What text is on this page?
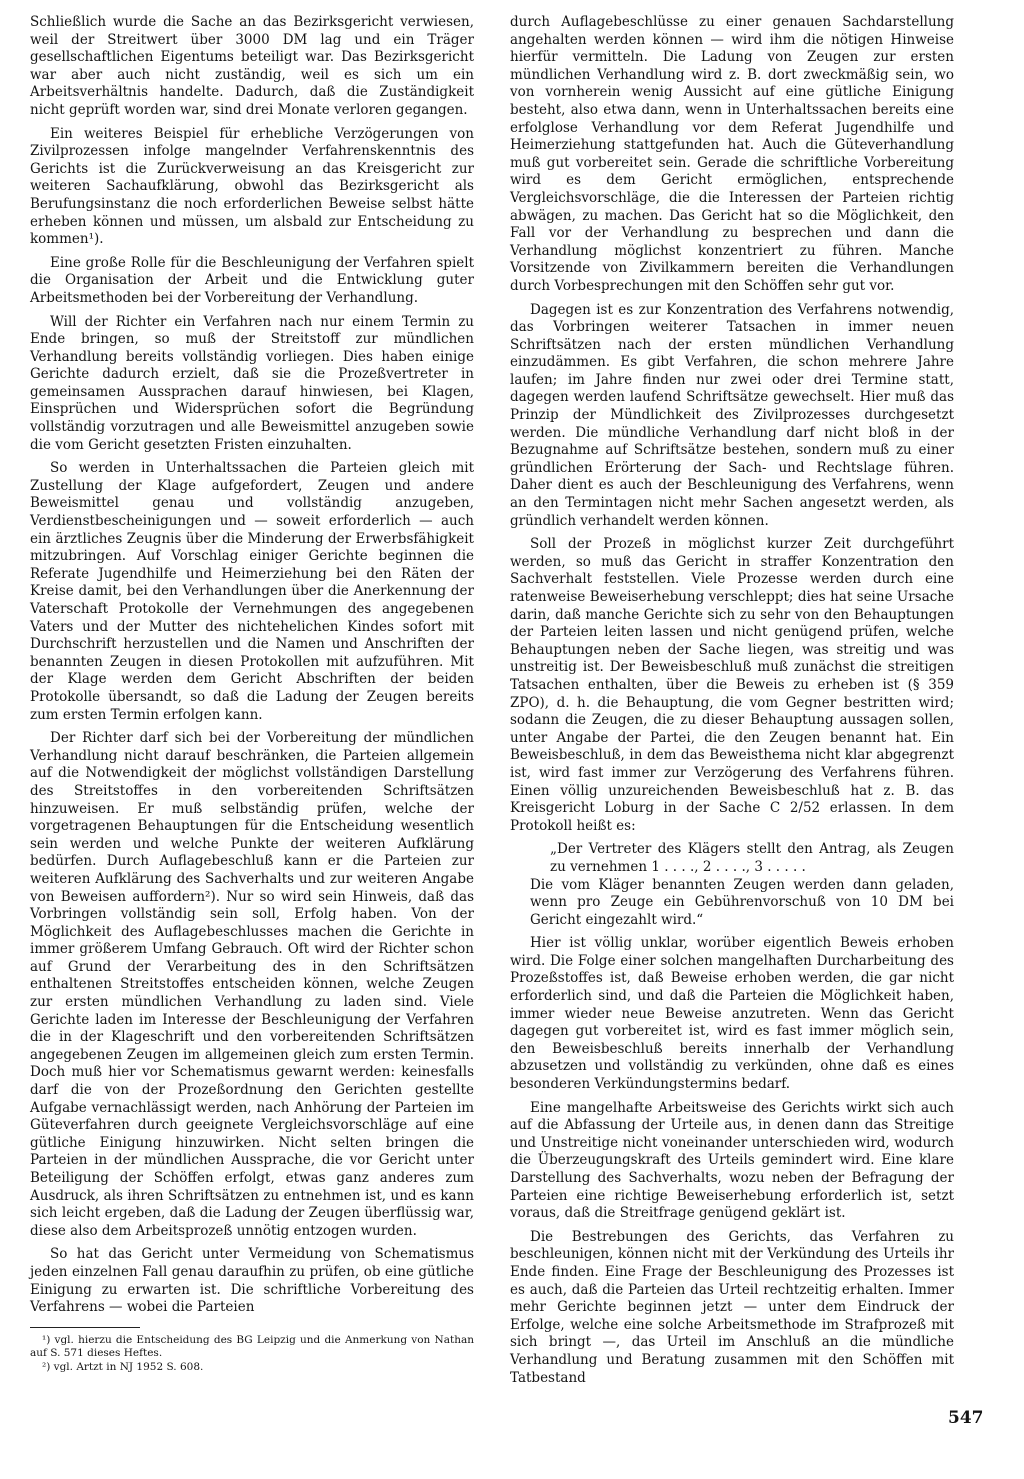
Schließlich wurde die Sache an das Bezirksgericht verwiesen, weil der Streitwert über 3000 DM lag und ein Träger gesellschaftlichen Eigentums beteiligt war. Das Bezirksgericht war aber auch nicht zuständig, weil es sich um ein Arbeitsverhältnis handelte. Dadurch, daß die Zuständigkeit nicht geprüft worden war, sind drei Monate verloren gegangen.

Ein weiteres Beispiel für erhebliche Verzögerungen von Zivilprozessen infolge mangelnder Verfahrenskenntnis des Gerichts ist die Zurückverweisung an das Kreisgericht zur weiteren Sachaufklärung, obwohl das Bezirksgericht als Berufungsinstanz die noch erforderlichen Beweise selbst hätte erheben können und müssen, um alsbald zur Entscheidung zu kommen¹).

Eine große Rolle für die Beschleunigung der Verfahren spielt die Organisation der Arbeit und die Entwicklung guter Arbeitsmethoden bei der Vorbereitung der Verhandlung.

Will der Richter ein Verfahren nach nur einem Termin zu Ende bringen, so muß der Streitstoff zur mündlichen Verhandlung bereits vollständig vorliegen. Dies haben einige Gerichte dadurch erzielt, daß sie die Prozeßvertreter in gemeinsamen Aussprachen darauf hinwiesen, bei Klagen, Einsprüchen und Widersprüchen sofort die Begründung vollständig vorzutragen und alle Beweismittel anzugeben sowie die vom Gericht gesetzten Fristen einzuhalten.

So werden in Unterhaltssachen die Parteien gleich mit Zustellung der Klage aufgefordert, Zeugen und andere Beweismittel genau und vollständig anzugeben, Verdienstbescheinigungen und — soweit erforderlich — auch ein ärztliches Zeugnis über die Minderung der Erwerbsfähigkeit mitzubringen. Auf Vorschlag einiger Gerichte beginnen die Referate Jugendhilfe und Heimerziehung bei den Räten der Kreise damit, bei den Verhandlungen über die Anerkennung der Vaterschaft Protokolle der Vernehmungen des angegebenen Vaters und der Mutter des nichtehelichen Kindes sofort mit Durchschrift herzustellen und die Namen und Anschriften der benannten Zeugen in diesen Protokollen mit aufzuführen. Mit der Klage werden dem Gericht Abschriften der beiden Protokolle übersandt, so daß die Ladung der Zeugen bereits zum ersten Termin erfolgen kann.

Der Richter darf sich bei der Vorbereitung der mündlichen Verhandlung nicht darauf beschränken, die Parteien allgemein auf die Notwendigkeit der möglichst vollständigen Darstellung des Streitstoffes in den vorbereitenden Schriftsätzen hinzuweisen. Er muß selbständig prüfen, welche der vorgetragenen Behauptungen für die Entscheidung wesentlich sein werden und welche Punkte der weiteren Aufklärung bedürfen. Durch Auflagebeschluß kann er die Parteien zur weiteren Aufklärung des Sachverhalts und zur weiteren Angabe von Beweisen auffordern²). Nur so wird sein Hinweis, daß das Vorbringen vollständig sein soll, Erfolg haben. Von der Möglichkeit des Auflagebeschlusses machen die Gerichte in immer größerem Umfang Gebrauch. Oft wird der Richter schon auf Grund der Verarbeitung des in den Schriftsätzen enthaltenen Streitstoffes entscheiden können, welche Zeugen zur ersten mündlichen Verhandlung zu laden sind. Viele Gerichte laden im Interesse der Beschleunigung der Verfahren die in der Klageschrift und den vorbereitenden Schriftsätzen angegebenen Zeugen im allgemeinen gleich zum ersten Termin. Doch muß hier vor Schematismus gewarnt werden: keinesfalls darf die von der Prozeßordnung den Gerichten gestellte Aufgabe vernachlässigt werden, nach Anhörung der Parteien im Güteverfahren durch geeignete Vergleichsvorschläge auf eine gütliche Einigung hinzuwirken. Nicht selten bringen die Parteien in der mündlichen Aussprache, die vor Gericht unter Beteiligung der Schöffen erfolgt, etwas ganz anderes zum Ausdruck, als ihren Schriftsätzen zu entnehmen ist, und es kann sich leicht ergeben, daß die Ladung der Zeugen überflüssig war, diese also dem Arbeitsprozeß unnötig entzogen wurden.

So hat das Gericht unter Vermeidung von Schematismus jeden einzelnen Fall genau daraufhin zu prüfen, ob eine gütliche Einigung zu erwarten ist. Die schriftliche Vorbereitung des Verfahrens — wobei die Parteien

¹) vgl. hierzu die Entscheidung des BG Leipzig und die Anmerkung von Nathan auf S. 571 dieses Heftes.

²) vgl. Artzt in NJ 1952 S. 608.

durch Auflagebeschlüsse zu einer genauen Sachdarstellung angehalten werden können — wird ihm die nötigen Hinweise hierfür vermitteln. Die Ladung von Zeugen zur ersten mündlichen Verhandlung wird z. B. dort zweckmäßig sein, wo von vornherein wenig Aussicht auf eine gütliche Einigung besteht, also etwa dann, wenn in Unterhaltssachen bereits eine erfolglose Verhandlung vor dem Referat Jugendhilfe und Heimerziehung stattgefunden hat. Auch die Güteverhandlung muß gut vorbereitet sein. Gerade die schriftliche Vorbereitung wird es dem Gericht ermöglichen, entsprechende Vergleichsvorschläge, die die Interessen der Parteien richtig abwägen, zu machen. Das Gericht hat so die Möglichkeit, den Fall vor der Verhandlung zu besprechen und dann die Verhandlung möglichst konzentriert zu führen. Manche Vorsitzende von Zivilkammern bereiten die Verhandlungen durch Vorbesprechungen mit den Schöffen sehr gut vor.

Dagegen ist es zur Konzentration des Verfahrens notwendig, das Vorbringen weiterer Tatsachen in immer neuen Schriftsätzen nach der ersten mündlichen Verhandlung einzudämmen. Es gibt Verfahren, die schon mehrere Jahre laufen; im Jahre finden nur zwei oder drei Termine statt, dagegen werden laufend Schriftsätze gewechselt. Hier muß das Prinzip der Mündlichkeit des Zivilprozesses durchgesetzt werden. Die mündliche Verhandlung darf nicht bloß in der Bezugnahme auf Schriftsätze bestehen, sondern muß zu einer gründlichen Erörterung der Sach- und Rechtslage führen. Daher dient es auch der Beschleunigung des Verfahrens, wenn an den Termintagen nicht mehr Sachen angesetzt werden, als gründlich verhandelt werden können.

Soll der Prozeß in möglichst kurzer Zeit durchgeführt werden, so muß das Gericht in straffer Konzentration den Sachverhalt feststellen. Viele Prozesse werden durch eine ratenweise Beweiserhebung verschleppt; dies hat seine Ursache darin, daß manche Gerichte sich zu sehr von den Behauptungen der Parteien leiten lassen und nicht genügend prüfen, welche Behauptungen neben der Sache liegen, was streitig und was unstreitig ist. Der Beweisbeschluß muß zunächst die streitigen Tatsachen enthalten, über die Beweis zu erheben ist (§ 359 ZPO), d. h. die Behauptung, die vom Gegner bestritten wird; sodann die Zeugen, die zu dieser Behauptung aussagen sollen, unter Angabe der Partei, die den Zeugen benannt hat. Ein Beweisbeschluß, in dem das Beweisthema nicht klar abgegrenzt ist, wird fast immer zur Verzögerung des Verfahrens führen. Einen völlig unzureichenden Beweisbeschluß hat z. B. das Kreisgericht Loburg in der Sache C 2/52 erlassen. In dem Protokoll heißt es:

„Der Vertreter des Klägers stellt den Antrag, als Zeugen zu vernehmen 1 . . . ., 2 . . . ., 3 . . . . .

Die vom Kläger benannten Zeugen werden dann geladen, wenn pro Zeuge ein Gebührenvorschuß von 10 DM bei Gericht eingezahlt wird.“

Hier ist völlig unklar, worüber eigentlich Beweis erhoben wird. Die Folge einer solchen mangelhaften Durcharbeitung des Prozeßstoffes ist, daß Beweise erhoben werden, die gar nicht erforderlich sind, und daß die Parteien die Möglichkeit haben, immer wieder neue Beweise anzutreten. Wenn das Gericht dagegen gut vorbereitet ist, wird es fast immer möglich sein, den Beweisbeschluß bereits innerhalb der Verhandlung abzusetzen und vollständig zu verkünden, ohne daß es eines besonderen Verkündungstermins bedarf.

Eine mangelhafte Arbeitsweise des Gerichts wirkt sich auch auf die Abfassung der Urteile aus, in denen dann das Streitige und Unstreitige nicht voneinander unterschieden wird, wodurch die Überzeugungskraft des Urteils gemindert wird. Eine klare Darstellung des Sachverhalts, wozu neben der Befragung der Parteien eine richtige Beweiserhebung erforderlich ist, setzt voraus, daß die Streitfrage genügend geklärt ist.

Die Bestrebungen des Gerichts, das Verfahren zu beschleunigen, können nicht mit der Verkündung des Urteils ihr Ende finden. Eine Frage der Beschleunigung des Prozesses ist es auch, daß die Parteien das Urteil rechtzeitig erhalten. Immer mehr Gerichte beginnen jetzt — unter dem Eindruck der Erfolge, welche eine solche Arbeitsmethode im Strafprozeß mit sich bringt —, das Urteil im Anschluß an die mündliche Verhandlung und Beratung zusammen mit den Schöffen mit Tatbestand

547
